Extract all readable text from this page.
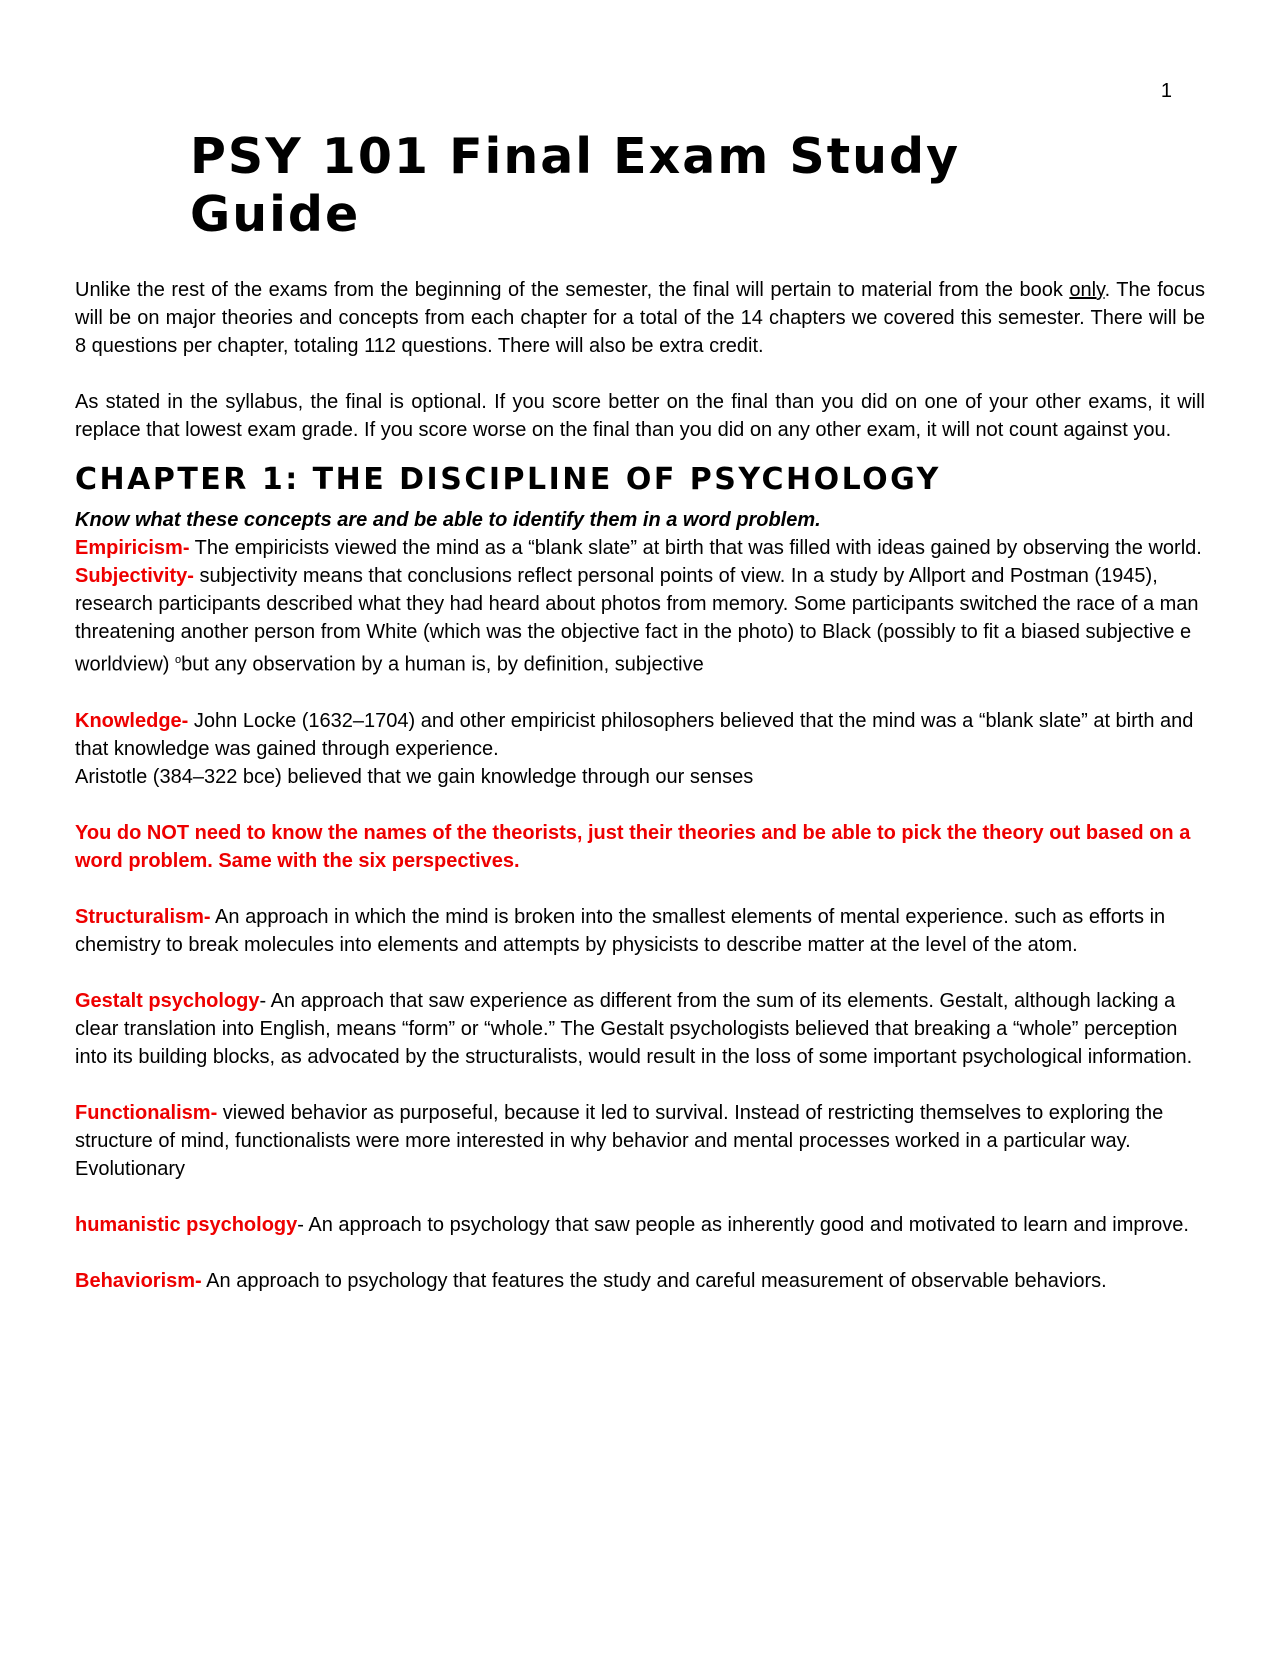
1
PSY 101 Final Exam Study Guide

Unlike the rest of the exams from the beginning of the semester, the final will pertain to material from the book only. The focus will be on major theories and concepts from each chapter for a total of the 14 chapters we covered this semester. There will be 8 questions per chapter, totaling 112 questions. There will also be extra credit.

As stated in the syllabus, the final is optional. If you score better on the final than you did on one of your other exams, it will replace that lowest exam grade. If you score worse on the final than you did on any other exam, it will not count against you.

CHAPTER 1: THE DISCIPLINE OF PSYCHOLOGY

Know what these concepts are and be able to identify them in a word problem.

Empiricism- The empiricists viewed the mind as a “blank slate” at birth that was filled with ideas gained by observing the world.

Subjectivity- subjectivity means that conclusions reflect personal points of view. In a study by Allport and Postman (1945), research participants described what they had heard about photos from memory. Some participants switched the race of a man threatening another person from White (which was the objective fact in the photo) to Black (possibly to fit a biased subjective e worldview) $^o$but any observation by a human is, by definition, subjective

Knowledge- John Locke (1632–1704) and other empiricist philosophers believed that the mind was a “blank slate” at birth and that knowledge was gained through experience.

Aristotle (384–322 bce) believed that we gain knowledge through our senses

You do NOT need to know the names of the theorists, just their theories and be able to pick the theory out based on a word problem. Same with the six perspectives.

Structuralism- An approach in which the mind is broken into the smallest elements of mental experience. such as efforts in chemistry to break molecules into elements and attempts by physicists to describe matter at the level of the atom.

Gestalt psychology- An approach that saw experience as different from the sum of its elements. Gestalt, although lacking a clear translation into English, means “form” or “whole.” The Gestalt psychologists believed that breaking a “whole” perception into its building blocks, as advocated by the structuralists, would result in the loss of some important psychological information.

Functionalism- viewed behavior as purposeful, because it led to survival. Instead of restricting themselves to exploring the structure of mind, functionalists were more interested in why behavior and mental processes worked in a particular way. Evolutionary

humanistic psychology- An approach to psychology that saw people as inherently good and motivated to learn and improve.

Behaviorism- An approach to psychology that features the study and careful measurement of observable behaviors.
